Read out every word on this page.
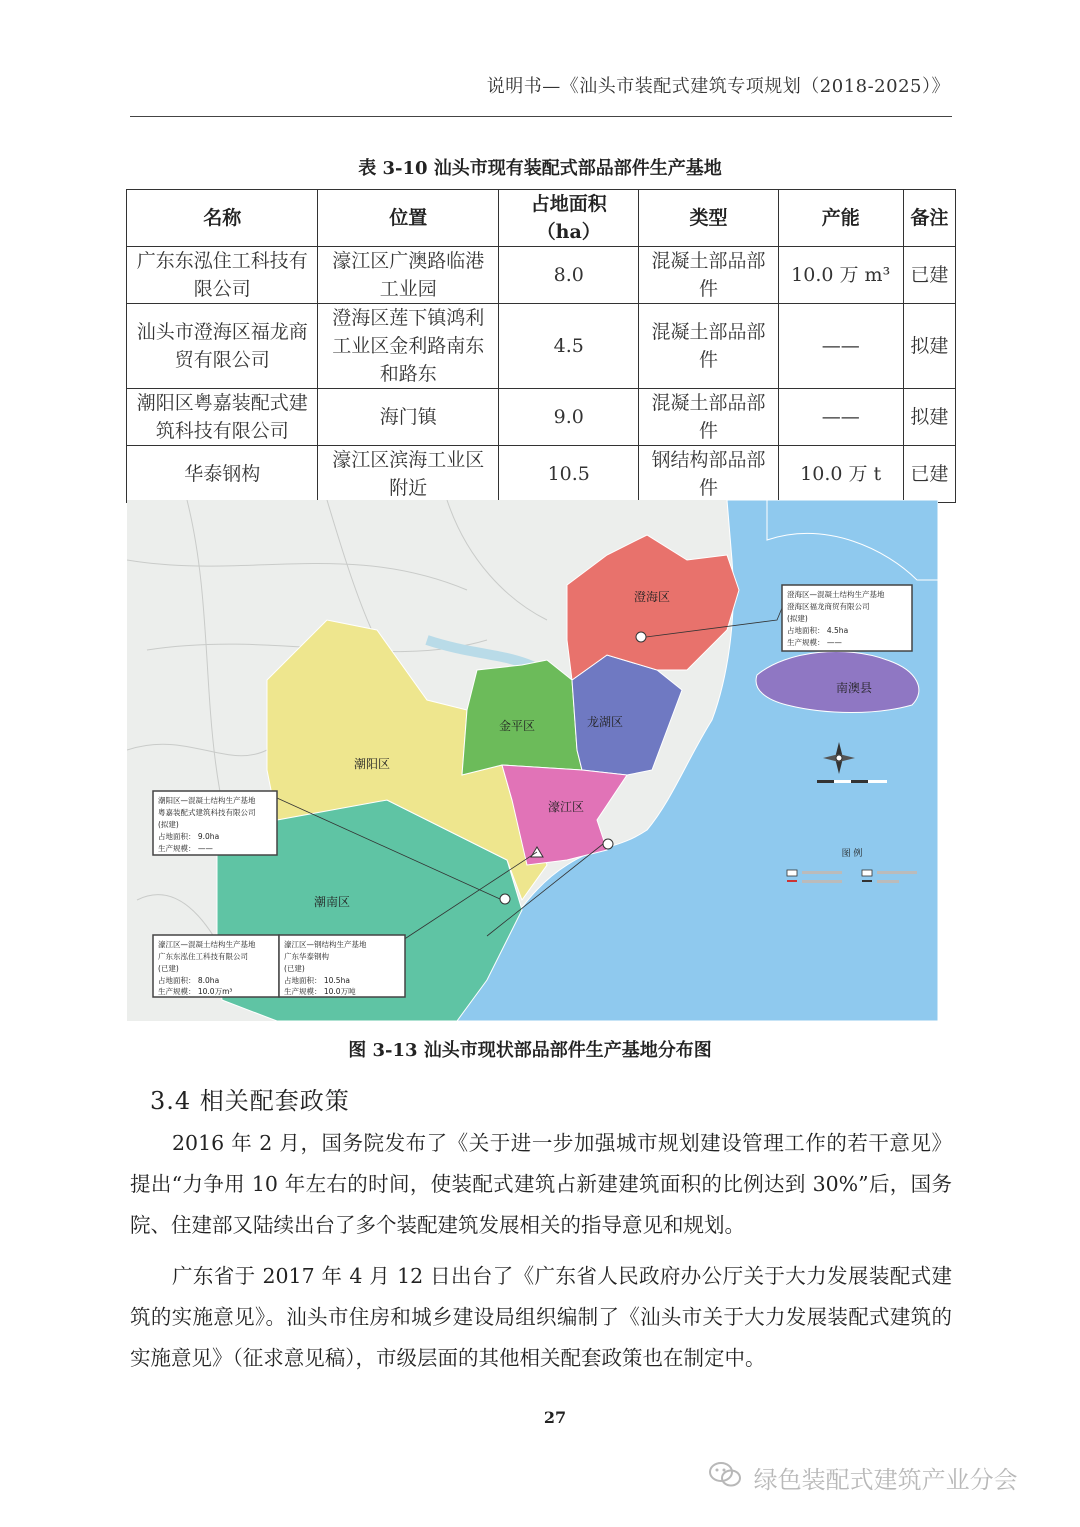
说明书—《汕头市装配式建筑专项规划（2018-2025）》
表 3-10 汕头市现有装配式部品部件生产基地
名称	位置	占地面积（ha）	类型	产能	备注
广东东泓住工科技有限公司	濠江区广澳路临港工业园	8.0	混凝土部品部件	10.0 万 m³	已建
汕头市澄海区福龙商贸有限公司	澄海区莲下镇鸿利工业区金利路南东和路东	4.5	混凝土部品部件	——	拟建
潮阳区粤嘉装配式建筑科技有限公司	海门镇	9.0	混凝土部品部件	——	拟建
华泰钢构	濠江区滨海工业区附近	10.5	钢结构部品部件	10.0 万 t	已建
澄海区
龙湖区
金平区
潮阳区
濠江区
潮南区
南澳县
澄海区—混凝土结构生产基地
澄海区福龙商贸有限公司
(拟建)
占地面积： 4.5ha
生产规模： ——
潮阳区—混凝土结构生产基地
粤嘉装配式建筑科技有限公司
(拟建)
占地面积： 9.0ha
生产规模： ——
濠江区—混凝土结构生产基地
广东东泓住工科技有限公司
(已建)
占地面积： 8.0ha
生产规模： 10.0万m³
濠江区—钢结构生产基地
广东华泰钢构
(已建)
占地面积： 10.5ha
生产规模： 10.0万吨
图 例
图 3-13 汕头市现状部品部件生产基地分布图
3.4 相关配套政策
2016 年 2 月，国务院发布了《关于进一步加强城市规划建设管理工作的若干意见》提出“力争用 10 年左右的时间，使装配式建筑占新建建筑面积的比例达到 30%”后，国务院、住建部又陆续出台了多个装配建筑发展相关的指导意见和规划。
广东省于 2017 年 4 月 12 日出台了《广东省人民政府办公厅关于大力发展装配式建筑的实施意见》。汕头市住房和城乡建设局组织编制了《汕头市关于大力发展装配式建筑的实施意见》（征求意见稿），市级层面的其他相关配套政策也在制定中。
27
绿色装配式建筑产业分会
